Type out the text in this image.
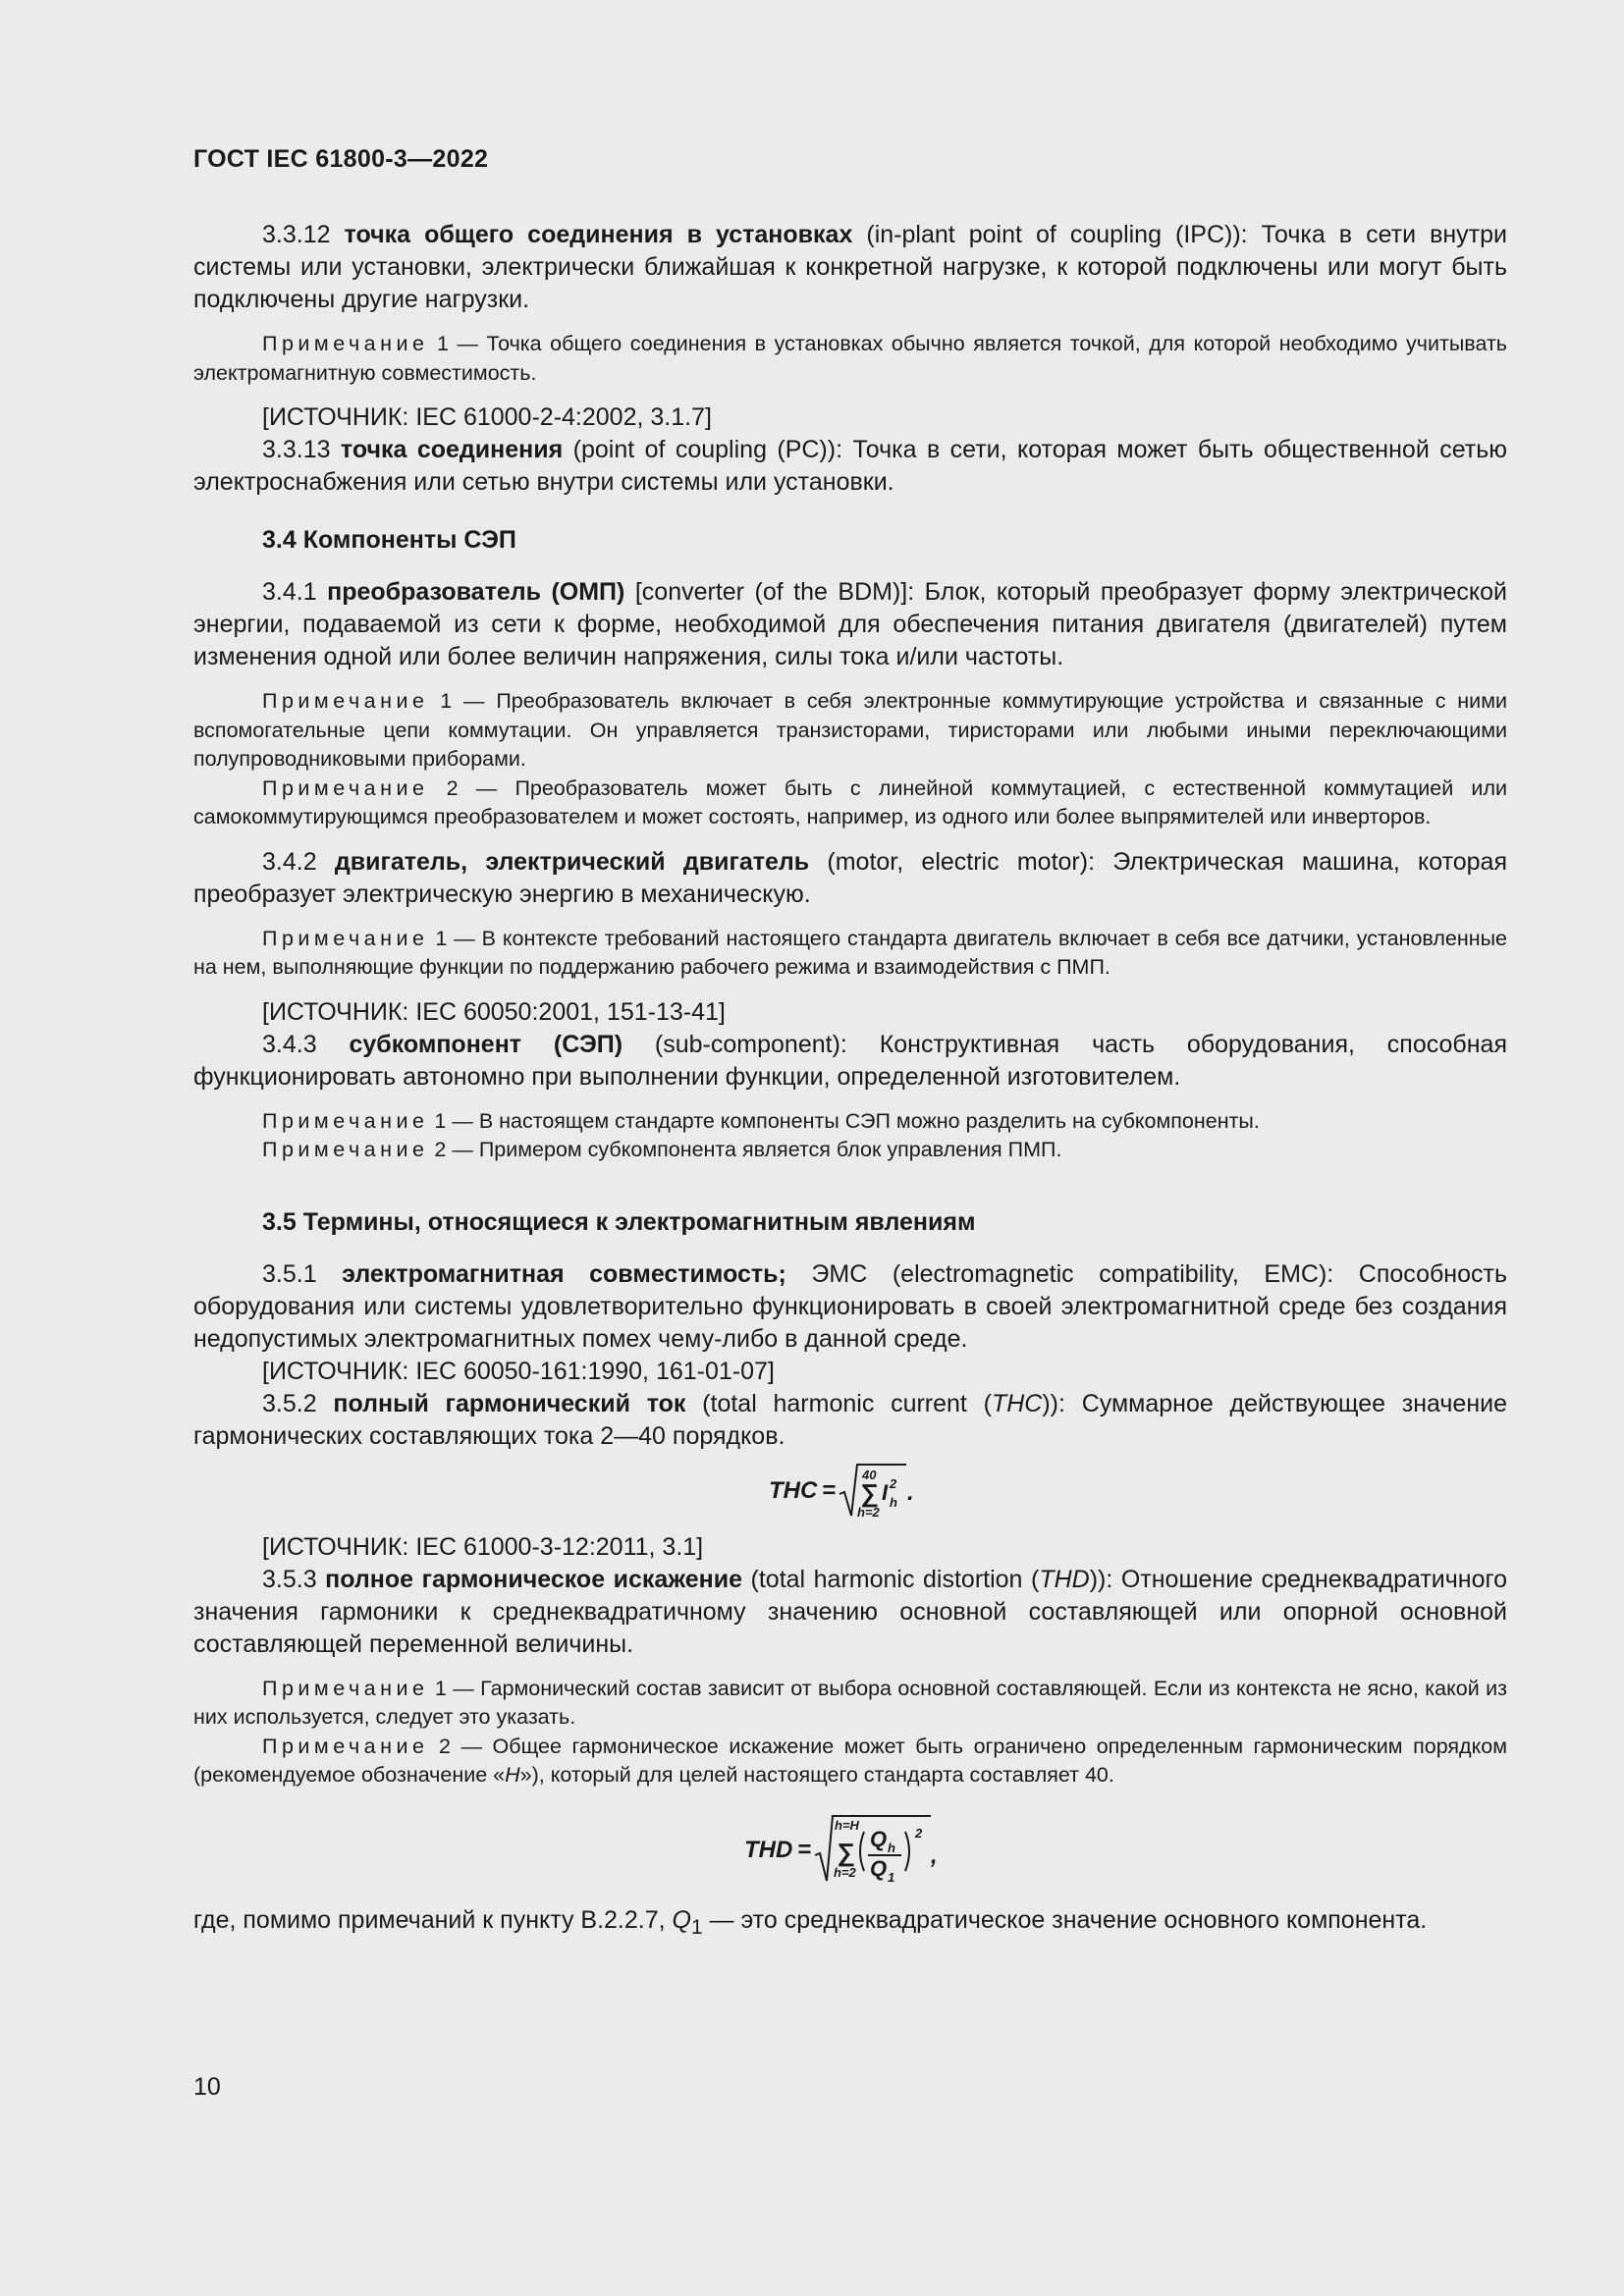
ГОСТ IEC 61800-3—2022

3.3.12 точка общего соединения в установках (in-plant point of coupling (IPC)): Точка в сети внутри системы или установки, электрически ближайшая к конкретной нагрузке, к которой подключены или могут быть подключены другие нагрузки.

Примечание 1 — Точка общего соединения в установках обычно является точкой, для которой необходимо учитывать электромагнитную совместимость.

[ИСТОЧНИК: IEC 61000-2-4:2002, 3.1.7]

3.3.13 точка соединения (point of coupling (PC)): Точка в сети, которая может быть общественной сетью электроснабжения или сетью внутри системы или установки.

3.4 Компоненты СЭП

3.4.1 преобразователь (ОМП) [converter (of the BDM)]: Блок, который преобразует форму электрической энергии, подаваемой из сети к форме, необходимой для обеспечения питания двигателя (двигателей) путем изменения одной или более величин напряжения, силы тока и/или частоты.

Примечание 1 — Преобразователь включает в себя электронные коммутирующие устройства и связанные с ними вспомогательные цепи коммутации. Он управляется транзисторами, тиристорами или любыми иными переключающими полупроводниковыми приборами.

Примечание 2 — Преобразователь может быть с линейной коммутацией, с естественной коммутацией или самокоммутирующимся преобразователем и может состоять, например, из одного или более выпрямителей или инверторов.

3.4.2 двигатель, электрический двигатель (motor, electric motor): Электрическая машина, которая преобразует электрическую энергию в механическую.

Примечание 1 — В контексте требований настоящего стандарта двигатель включает в себя все датчики, установленные на нем, выполняющие функции по поддержанию рабочего режима и взаимодействия с ПМП.

[ИСТОЧНИК: IEC 60050:2001, 151-13-41]

3.4.3 субкомпонент (СЭП) (sub-component): Конструктивная часть оборудования, способная функционировать автономно при выполнении функции, определенной изготовителем.

Примечание 1 — В настоящем стандарте компоненты СЭП можно разделить на субкомпоненты.

Примечание 2 — Примером субкомпонента является блок управления ПМП.

3.5 Термины, относящиеся к электромагнитным явлениям

3.5.1 электромагнитная совместимость; ЭМС (electromagnetic compatibility, EMC): Способность оборудования или системы удовлетворительно функционировать в своей электромагнитной среде без создания недопустимых электромагнитных помех чему-либо в данной среде.

[ИСТОЧНИК: IEC 60050-161:1990, 161-01-07]

3.5.2 полный гармонический ток (total harmonic current (THC)): Суммарное действующее значение гармонических составляющих тока 2—40 порядков.

THC =
40
∑
h=2
I h
2 .

[ИСТОЧНИК: IEC 61000-3-12:2011, 3.1]

3.5.3 полное гармоническое искажение (total harmonic distortion (THD)): Отношение среднеквадратичного значения гармоники к среднеквадратичному значению основной составляющей или опорной основной составляющей переменной величины.

Примечание 1 — Гармонический состав зависит от выбора основной составляющей. Если из контекста не ясно, какой из них используется, следует это указать.

Примечание 2 — Общее гармоническое искажение может быть ограничено определенным гармоническим порядком (рекомендуемое обозначение «H»), который для целей настоящего стандарта составляет 40.

THD =
h=H
∑
h=2
Q h
Q 1
2
,

где, помимо примечаний к пункту В.2.2.7, $Q_1$ — это среднеквадратическое значение основного компонента.

10
